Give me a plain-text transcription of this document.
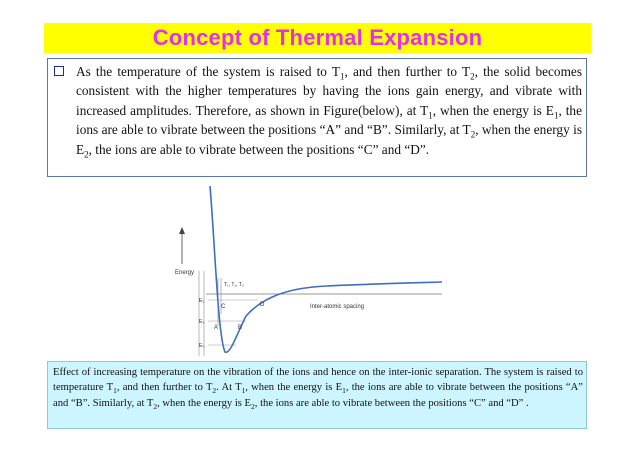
Concept of Thermal Expansion
As the temperature of the system is raised to $T_1$, and then further to $T_2$, the solid becomes consistent with the higher temperatures by having the ions gain energy, and vibrate with increased amplitudes. Therefore, as shown in Figure(below), at $T_1$, when the energy is $E_1$, the ions are able to vibrate between the positions “A” and “B”. Similarly, at $T_2$, when the energy is $E_2$, the ions are able to vibrate between the positions “C” and “D”.
Energy
Inter-atomic spacing
E₂
E₁
E₀
T₁, T₁, T₂
A	B
C	D
Effect of increasing temperature on the vibration of the ions and hence on the inter-ionic separation. The system is raised to temperature $T_1$, and then further to $T_2$. At $T_1$, when the energy is $E_1$, the ions are able to vibrate between the positions “A” and “B”. Similarly, at $T_2$, when the energy is $E_2$, the ions are able to vibrate between the positions “C” and “D” .
